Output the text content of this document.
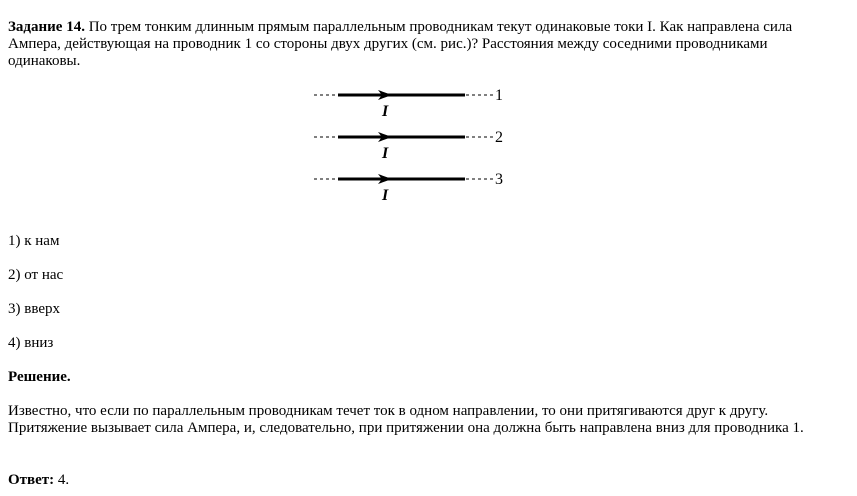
Задание 14. По трем тонким длинным прямым параллельным проводникам текут одинаковые токи I. Как направлена сила Ампера, действующая на проводник 1 со стороны двух других (см. рис.)? Расстояния между соседними проводниками одинаковы.

I
1
I
2
I
3

1) к нам

2) от нас

3) вверх

4) вниз

Решение.

Известно, что если по параллельным проводникам течет ток в одном направлении, то они притягиваются друг к другу. Притяжение вызывает сила Ампера, и, следовательно, при притяжении она должна быть направлена вниз для проводника 1.

Ответ: 4.
